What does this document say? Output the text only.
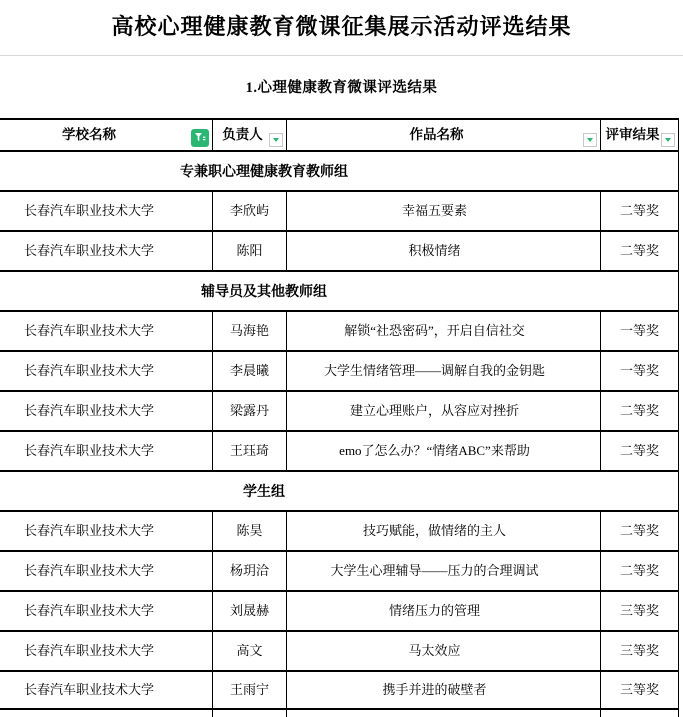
高校心理健康教育微课征集展示活动评选结果
1.心理健康教育微课评选结果
学校名称	负责人	作品名称	评审结果
专兼职心理健康教育教师组
长春汽车职业技术大学	李欣屿	幸福五要素	二等奖
长春汽车职业技术大学	陈阳	积极情绪	二等奖
辅导员及其他教师组
长春汽车职业技术大学	马海艳	解锁“社恐密码”，开启自信社交	一等奖
长春汽车职业技术大学	李晨曦	大学生情绪管理——调解自我的金钥匙	一等奖
长春汽车职业技术大学	梁露丹	建立心理账户，从容应对挫折	二等奖
长春汽车职业技术大学	王珏琦	emo了怎么办？“情绪ABC”来帮助	二等奖
学生组
长春汽车职业技术大学	陈昊	技巧赋能，做情绪的主人	二等奖
长春汽车职业技术大学	杨玥洽	大学生心理辅导——压力的合理调试	二等奖
长春汽车职业技术大学	刘晟赫	情绪压力的管理	三等奖
长春汽车职业技术大学	高文	马太效应	三等奖
长春汽车职业技术大学	王雨宁	携手并进的破壁者	三等奖
